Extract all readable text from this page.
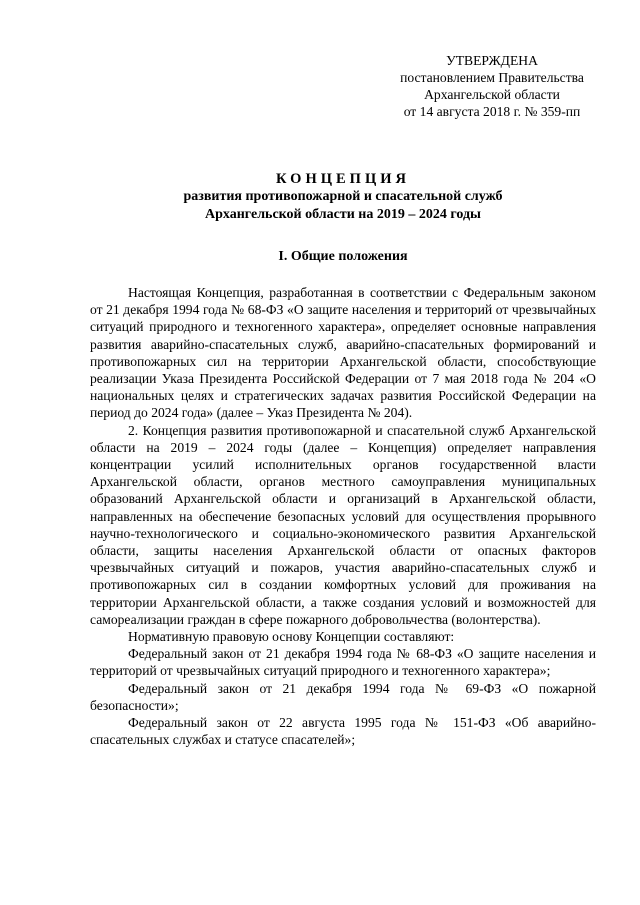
УТВЕРЖДЕНА
постановлением Правительства
Архангельской области
от 14 августа 2018 г. № 359-пп
КОНЦЕПЦИЯ
развития противопожарной и спасательной служб
Архангельской области на 2019 – 2024 годы
I. Общие положения

Настоящая Концепция, разработанная в соответствии с Федеральным законом от 21 декабря 1994 года № 68-ФЗ «О защите населения и территорий от чрезвычайных ситуаций природного и техногенного характера», определяет основные направления развития аварийно-спасательных служб, аварийно-спасательных формирований и противопожарных сил на территории Архангельской области, способствующие реализации Указа Президента Российской Федерации от 7 мая 2018 года № 204 «О национальных целях и стратегических задачах развития Российской Федерации на период до 2024 года» (далее – Указ Президента № 204).

2. Концепция развития противопожарной и спасательной служб Архангельской области на 2019 – 2024 годы (далее – Концепция) определяет направления концентрации усилий исполнительных органов государственной власти Архангельской области, органов местного самоуправления муниципальных образований Архангельской области и организаций в Архангельской области, направленных на обеспечение безопасных условий для осуществления прорывного научно-технологического и социально-экономического развития Архангельской области, защиты населения Архангельской области от опасных факторов чрезвычайных ситуаций и пожаров, участия аварийно-спасательных служб и противопожарных сил в создании комфортных условий для проживания на территории Архангельской области, а также создания условий и возможностей для самореализации граждан в сфере пожарного добровольчества (волонтерства).

Нормативную правовую основу Концепции составляют:

Федеральный закон от 21 декабря 1994 года № 68-ФЗ «О защите населения и территорий от чрезвычайных ситуаций природного и техногенного характера»;

Федеральный закон от 21 декабря 1994 года № 69-ФЗ «О пожарной безопасности»;

Федеральный закон от 22 августа 1995 года № 151-ФЗ «Об аварийно-спасательных службах и статусе спасателей»;
